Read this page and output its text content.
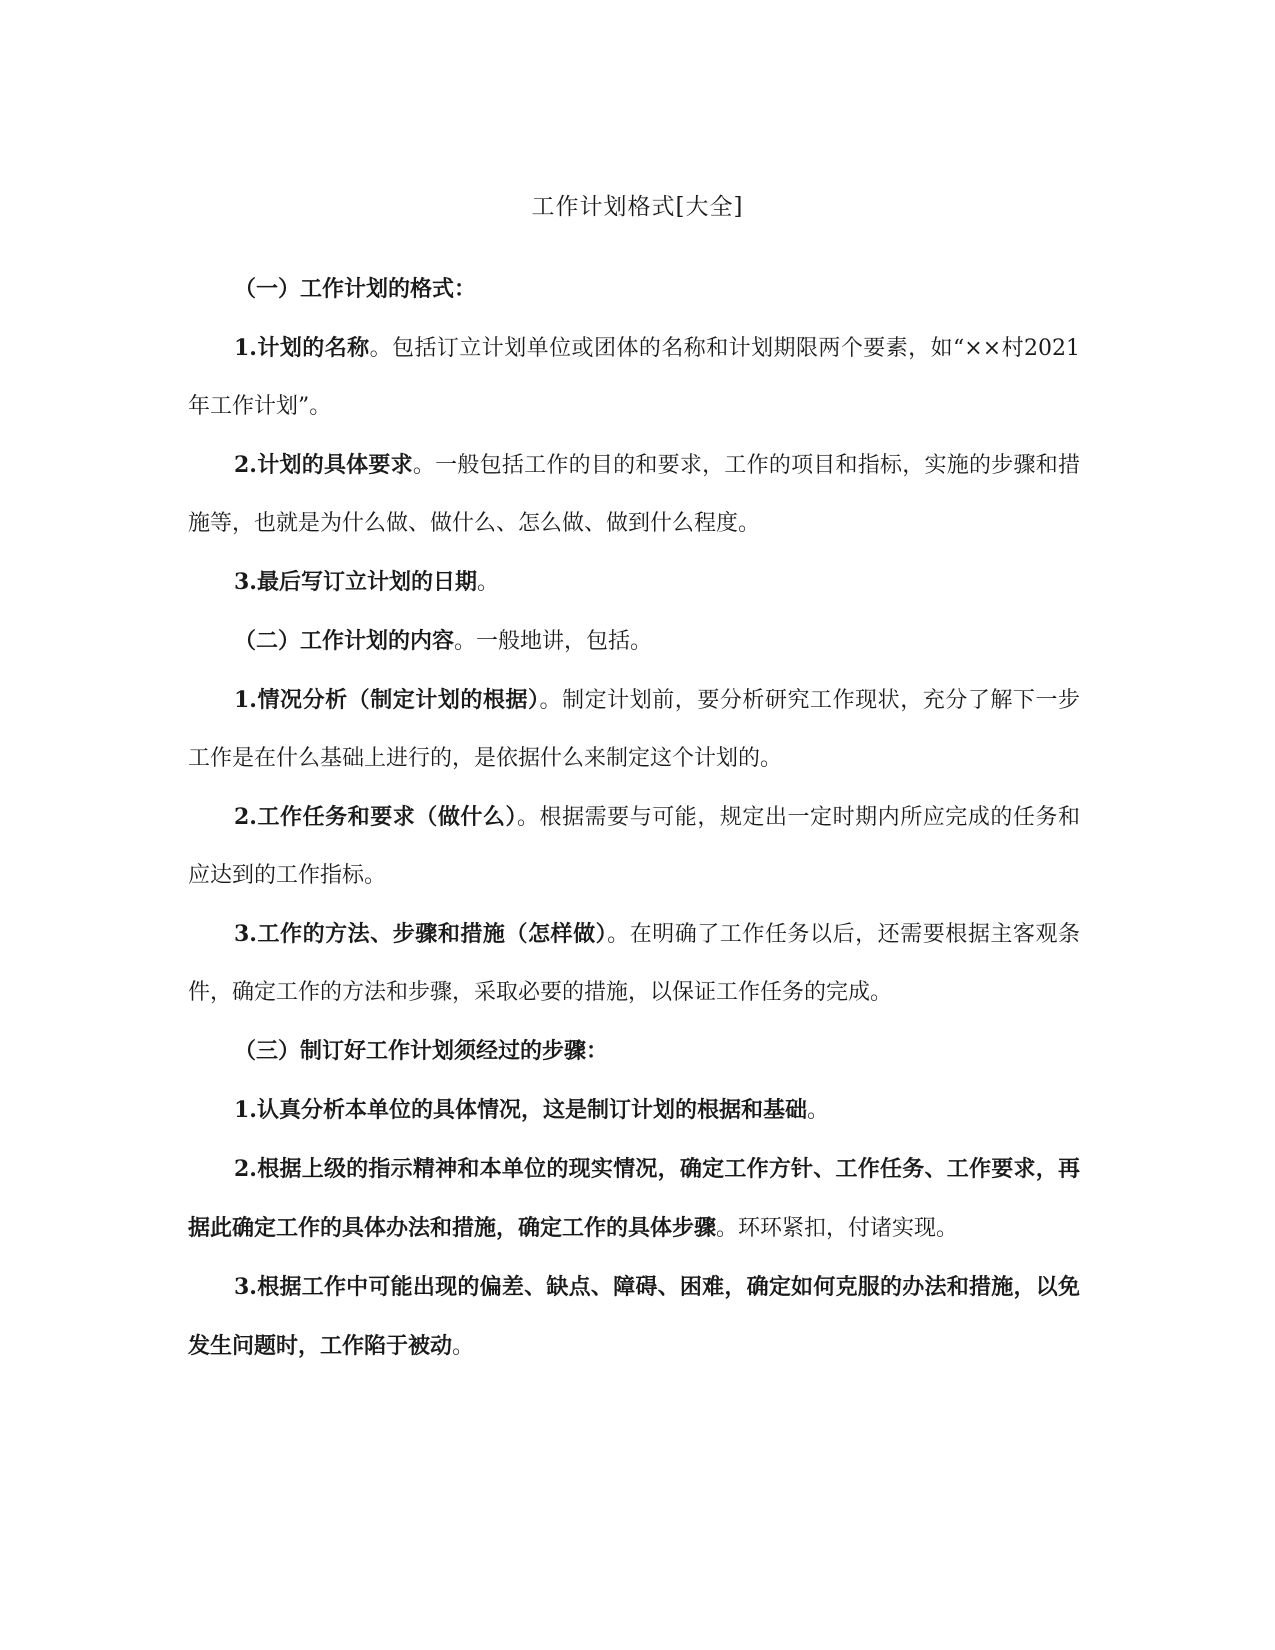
工作计划格式[大全]

（一）工作计划的格式：

1.计划的名称。包括订立计划单位或团体的名称和计划期限两个要素，如“××村2021年工作计划”。

2.计划的具体要求。一般包括工作的目的和要求，工作的项目和指标，实施的步骤和措施等，也就是为什么做、做什么、怎么做、做到什么程度。

3.最后写订立计划的日期。

（二）工作计划的内容。一般地讲，包括。

1.情况分析（制定计划的根据）。制定计划前，要分析研究工作现状，充分了解下一步工作是在什么基础上进行的，是依据什么来制定这个计划的。

2.工作任务和要求（做什么）。根据需要与可能，规定出一定时期内所应完成的任务和应达到的工作指标。

3.工作的方法、步骤和措施（怎样做）。在明确了工作任务以后，还需要根据主客观条件，确定工作的方法和步骤，采取必要的措施，以保证工作任务的完成。

（三）制订好工作计划须经过的步骤：

1.认真分析本单位的具体情况，这是制订计划的根据和基础。

2.根据上级的指示精神和本单位的现实情况，确定工作方针、工作任务、工作要求，再据此确定工作的具体办法和措施，确定工作的具体步骤。环环紧扣，付诸实现。

3.根据工作中可能出现的偏差、缺点、障碍、困难，确定如何克服的办法和措施，以免发生问题时，工作陷于被动。
